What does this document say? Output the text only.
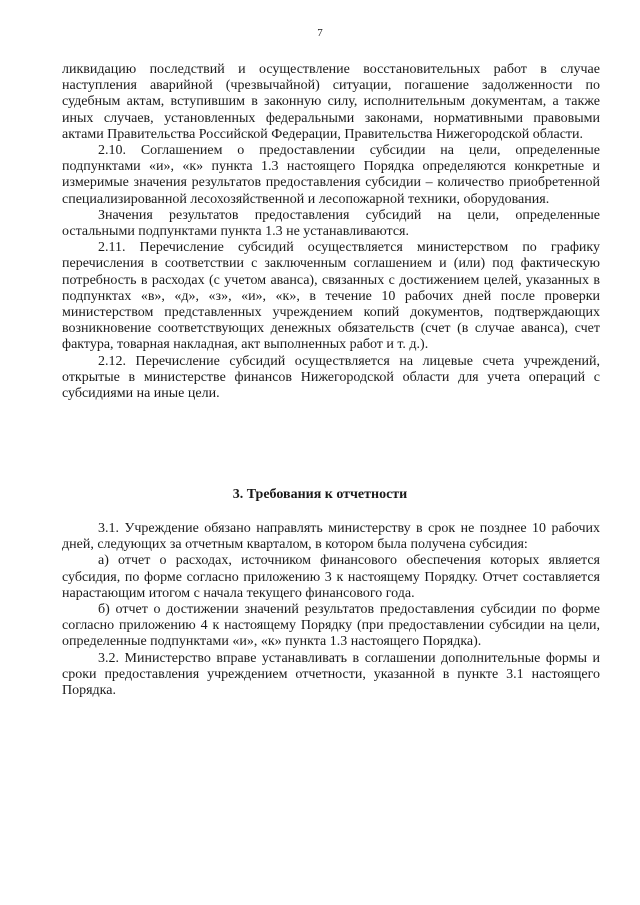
7

ликвидацию последствий и осуществление восстановительных работ в случае наступления аварийной (чрезвычайной) ситуации, погашение задолженности по судебным актам, вступившим в законную силу, исполнительным документам, а также иных случаев, установленных федеральными законами, нормативными правовыми актами Правительства Российской Федерации, Правительства Нижегородской области.

2.10. Соглашением о предоставлении субсидии на цели, определенные подпунктами «и», «к» пункта 1.3 настоящего Порядка определяются конкретные и измеримые значения результатов предоставления субсидии – количество приобретенной специализированной лесохозяйственной и лесопожарной техники, оборудования.

Значения результатов предоставления субсидий на цели, определенные остальными подпунктами пункта 1.3 не устанавливаются.

2.11. Перечисление субсидий осуществляется министерством по графику перечисления в соответствии с заключенным соглашением и (или) под фактическую потребность в расходах (с учетом аванса), связанных с достижением целей, указанных в подпунктах «в», «д», «з», «и», «к», в течение 10 рабочих дней после проверки министерством представленных учреждением копий документов, подтверждающих возникновение соответствующих денежных обязательств (счет (в случае аванса), счет фактура, товарная накладная, акт выполненных работ и т. д.).

2.12. Перечисление субсидий осуществляется на лицевые счета учреждений, открытые в министерстве финансов Нижегородской области для учета операций с субсидиями на иные цели.

3. Требования к отчетности

3.1. Учреждение обязано направлять министерству в срок не позднее 10 рабочих дней, следующих за отчетным кварталом, в котором была получена субсидия:

а) отчет о расходах, источником финансового обеспечения которых является субсидия, по форме согласно приложению 3 к настоящему Порядку. Отчет составляется нарастающим итогом с начала текущего финансового года.

б) отчет о достижении значений результатов предоставления субсидии по форме согласно приложению 4 к настоящему Порядку (при предоставлении субсидии на цели, определенные подпунктами «и», «к» пункта 1.3 настоящего Порядка).

3.2. Министерство вправе устанавливать в соглашении дополнительные формы и сроки предоставления учреждением отчетности, указанной в пункте 3.1 настоящего Порядка.
